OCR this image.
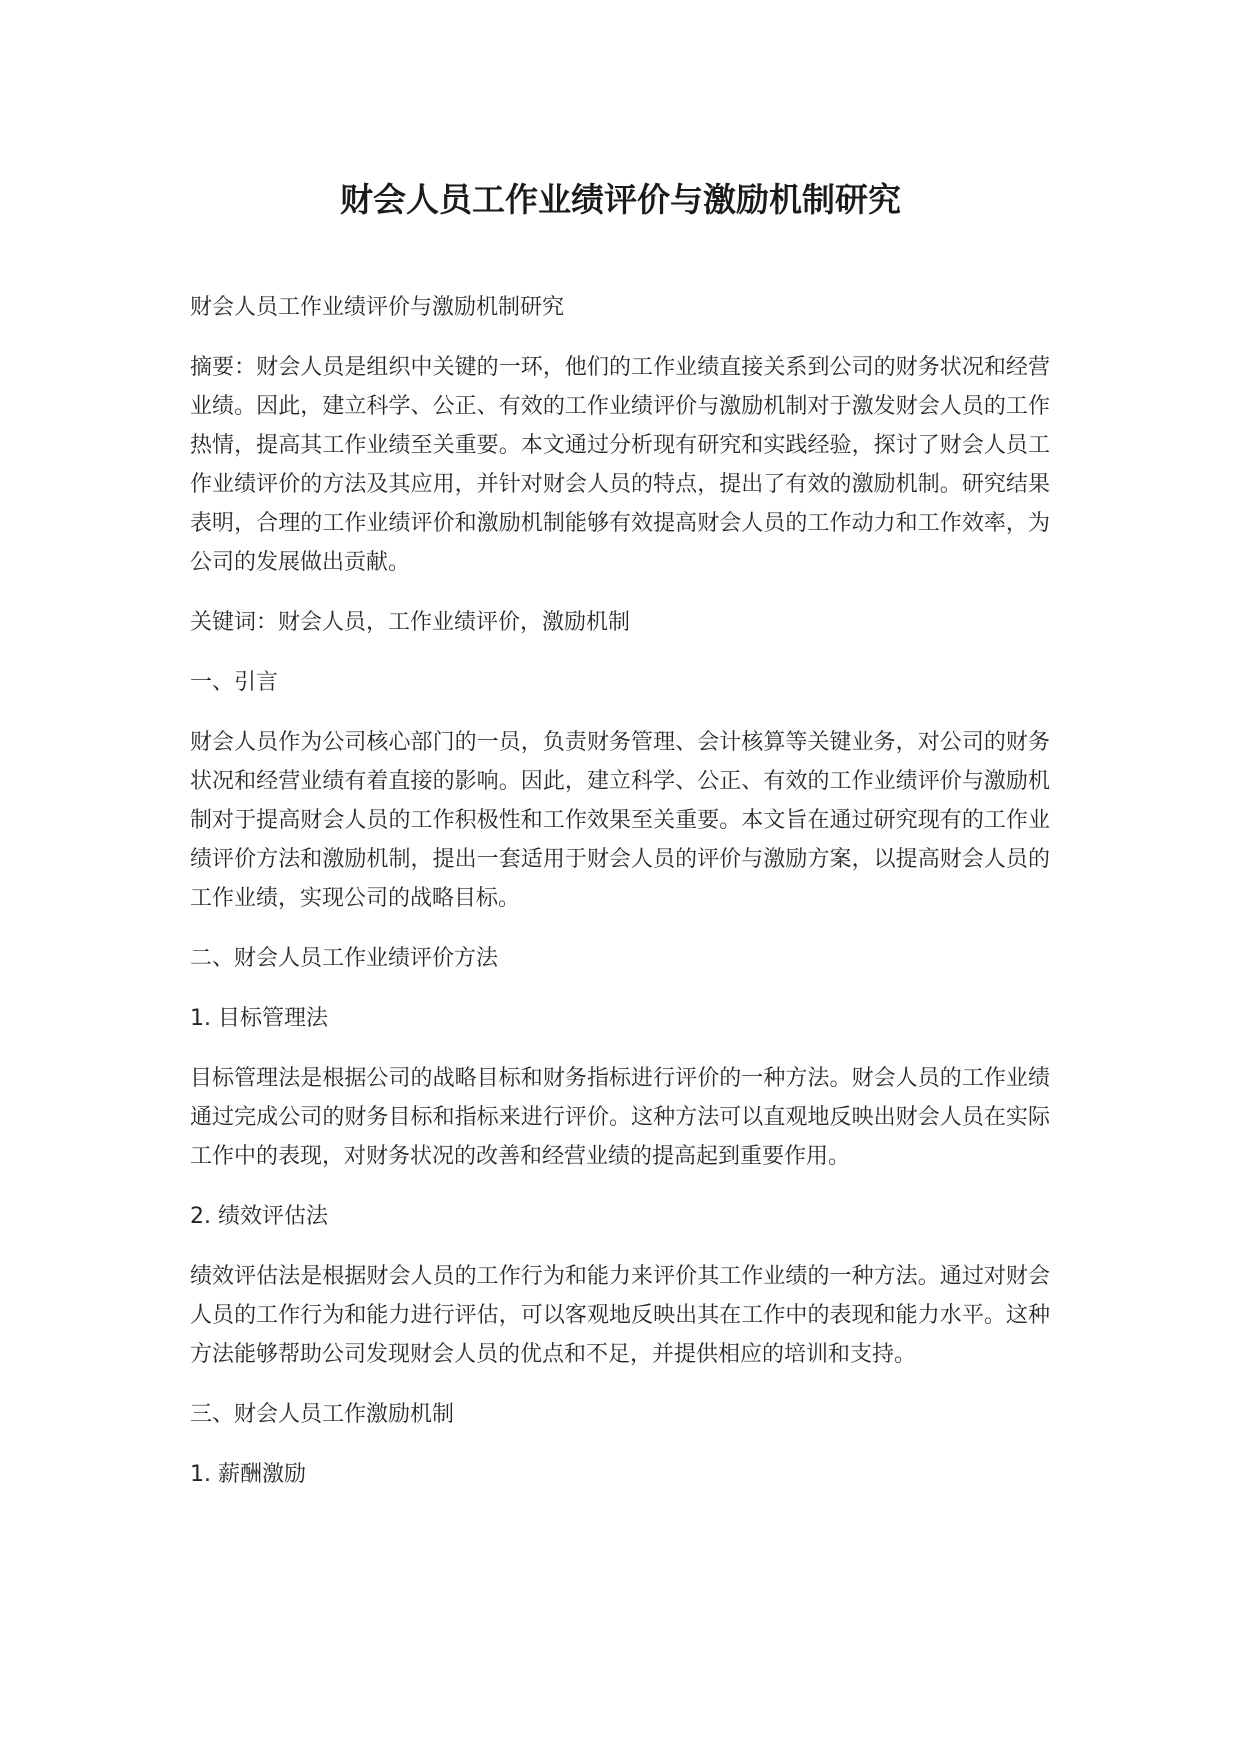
财会人员工作业绩评价与激励机制研究

财会人员工作业绩评价与激励机制研究

摘要：财会人员是组织中关键的一环，他们的工作业绩直接关系到公司的财务状况和经营业绩。因此，建立科学、公正、有效的工作业绩评价与激励机制对于激发财会人员的工作热情，提高其工作业绩至关重要。本文通过分析现有研究和实践经验，探讨了财会人员工作业绩评价的方法及其应用，并针对财会人员的特点，提出了有效的激励机制。研究结果表明，合理的工作业绩评价和激励机制能够有效提高财会人员的工作动力和工作效率，为公司的发展做出贡献。

关键词：财会人员，工作业绩评价，激励机制

一、引言

财会人员作为公司核心部门的一员，负责财务管理、会计核算等关键业务，对公司的财务状况和经营业绩有着直接的影响。因此，建立科学、公正、有效的工作业绩评价与激励机制对于提高财会人员的工作积极性和工作效果至关重要。本文旨在通过研究现有的工作业绩评价方法和激励机制，提出一套适用于财会人员的评价与激励方案，以提高财会人员的工作业绩，实现公司的战略目标。

二、财会人员工作业绩评价方法

1. 目标管理法

目标管理法是根据公司的战略目标和财务指标进行评价的一种方法。财会人员的工作业绩通过完成公司的财务目标和指标来进行评价。这种方法可以直观地反映出财会人员在实际工作中的表现，对财务状况的改善和经营业绩的提高起到重要作用。

2. 绩效评估法

绩效评估法是根据财会人员的工作行为和能力来评价其工作业绩的一种方法。通过对财会人员的工作行为和能力进行评估，可以客观地反映出其在工作中的表现和能力水平。这种方法能够帮助公司发现财会人员的优点和不足，并提供相应的培训和支持。

三、财会人员工作激励机制

1. 薪酬激励
